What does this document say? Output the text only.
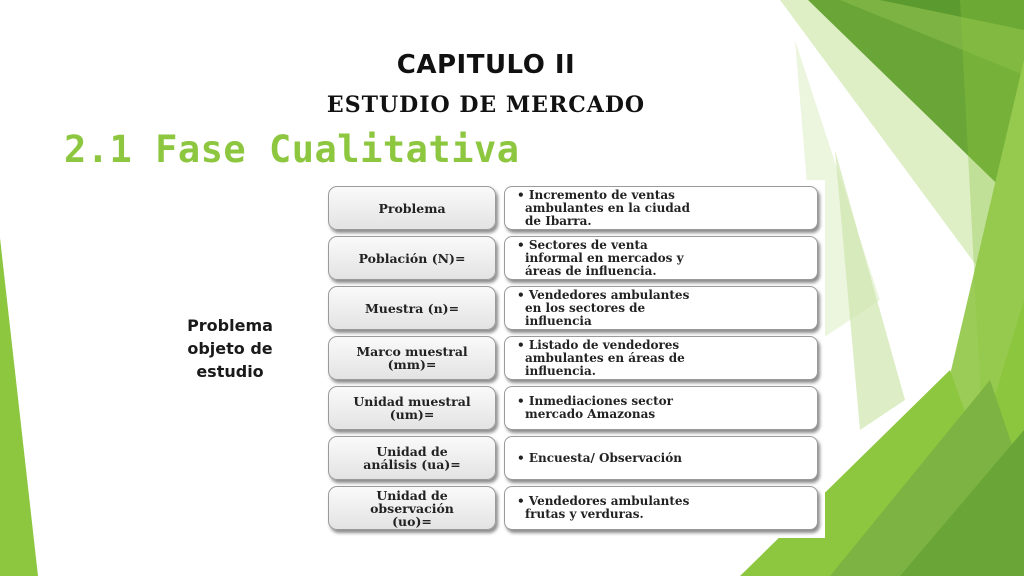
CAPITULO II
ESTUDIO DE MERCADO
2.1 Fase Cualitativa
Problema
objeto de
estudio
Problema
• Incremento de ventas
ambulantes en la ciudad
de Ibarra.
Población (N)=
• Sectores de venta
informal en mercados y
áreas de influencia.
Muestra (n)=
• Vendedores ambulantes
en los sectores de
influencia
Marco muestral
(mm)=
• Listado de vendedores
ambulantes en áreas de
influencia.
Unidad muestral
(um)=
• Inmediaciones sector
mercado Amazonas
Unidad de
análisis (ua)=
•	Encuesta/ Observación
Unidad de
observación
(uo)=
• Vendedores ambulantes
frutas y verduras.
